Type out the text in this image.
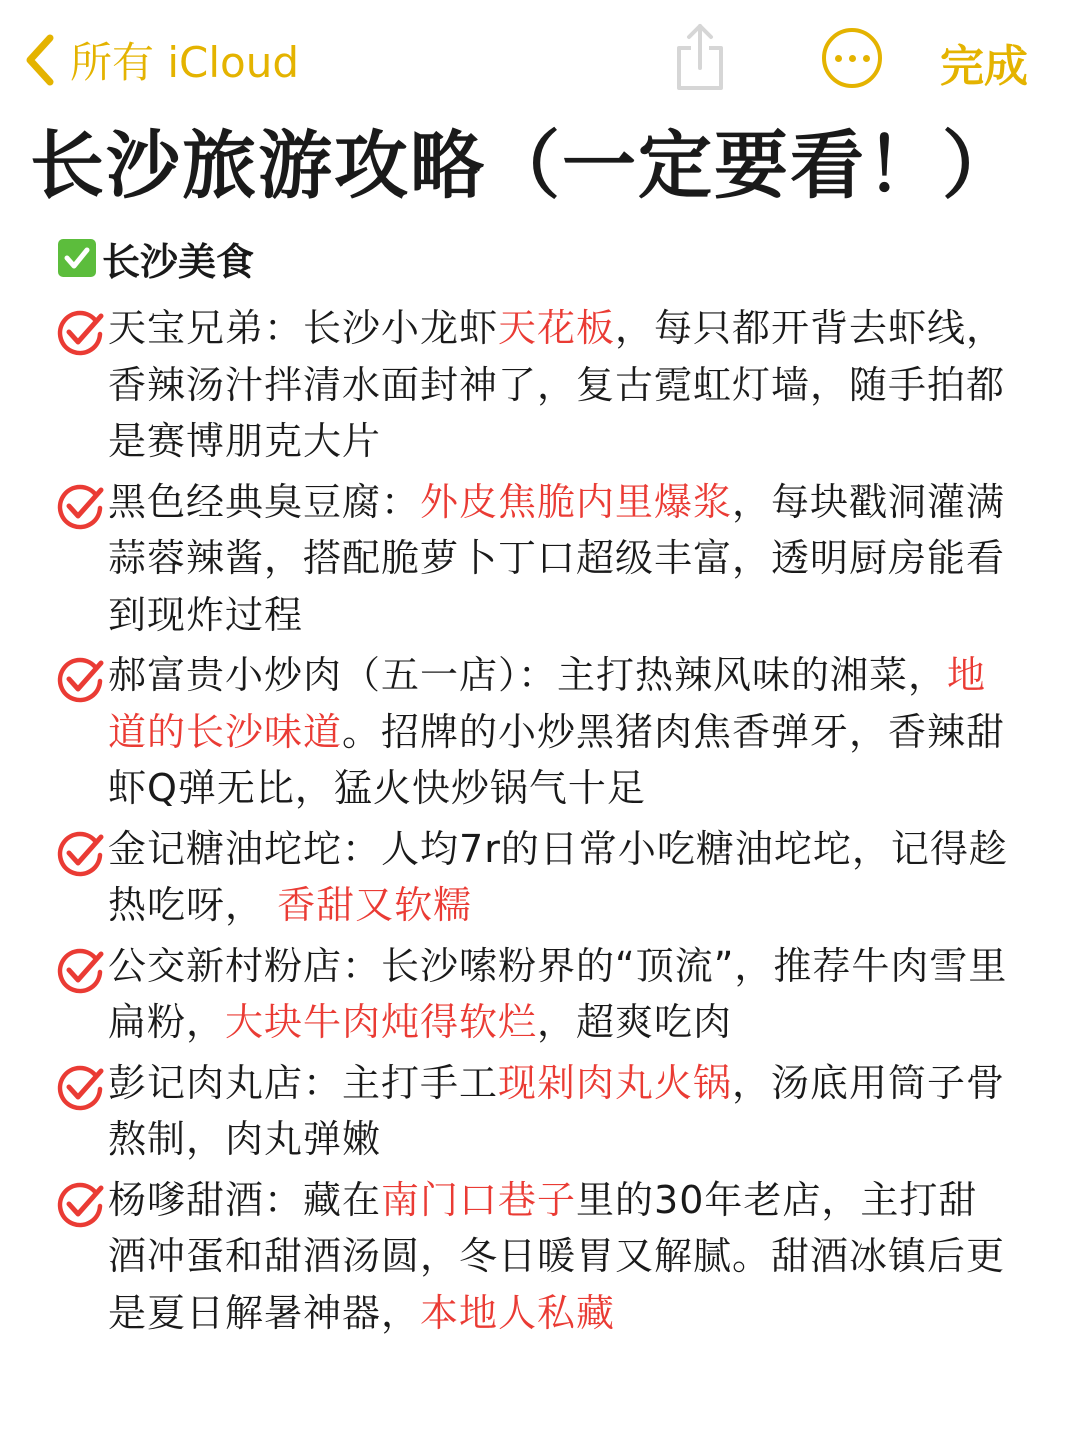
所有 iCloud	完成
长沙旅游攻略（一定要看！）
长沙美食
天宝兄弟：长沙小龙虾天花板，每只都开背去虾线，香辣汤汁拌清水面封神了，复古霓虹灯墙，随手拍都是赛博朋克大片
黑色经典臭豆腐：外皮焦脆内里爆浆，每块戳洞灌满蒜蓉辣酱，搭配脆萝卜丁口超级丰富，透明厨房能看到现炸过程
郝富贵小炒肉（五一店）：主打热辣风味的湘菜，地道的长沙味道。招牌的小炒黑猪肉焦香弹牙，香辣甜虾Q弹无比，猛火快炒锅气十足
金记糖油坨坨：人均7r的日常小吃糖油坨坨，记得趁热吃呀， 香甜又软糯
公交新村粉店：长沙嗦粉界的“顶流”，推荐牛肉雪里 扁粉，大块牛肉炖得软烂，超爽吃肉
彭记肉丸店：主打手工现剁肉丸火锅，汤底用筒子骨熬制，肉丸弹嫩
杨嗲甜酒：藏在南门口巷子里的30年老店，主打甜酒冲蛋和甜酒汤圆，冬日暖胃又解腻。甜酒冰镇后更是夏日解暑神器，本地人私藏
